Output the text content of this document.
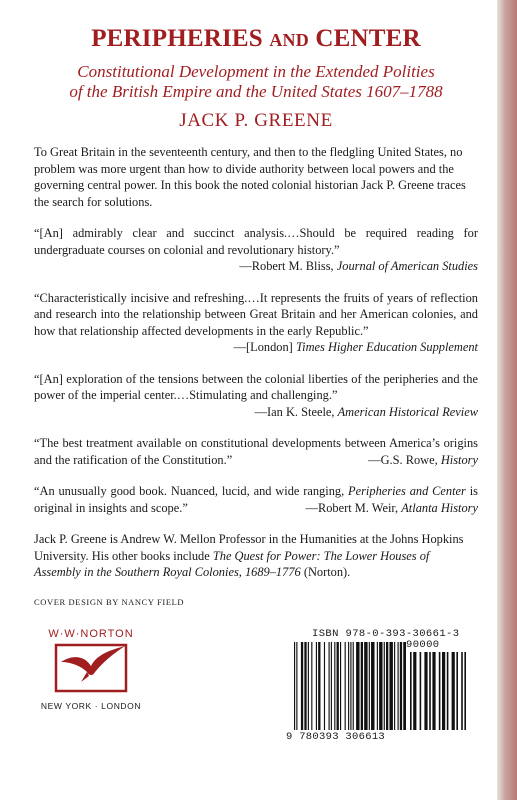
PERIPHERIES AND CENTER
Constitutional Development in the Extended Polities
of the British Empire and the United States 1607–1788
JACK P. GREENE

To Great Britain in the seventeenth century, and then to the fledgling United States, no problem was more urgent than how to divide authority between local powers and the governing central power. In this book the noted colonial historian Jack P. Greene traces the search for solutions.

“[An] admirably clear and succinct analysis.…Should be required reading for undergraduate courses on colonial and revolutionary history.”
—Robert M. Bliss, Journal of American Studies
“Characteristically incisive and refreshing.…It represents the fruits of years of reflection and research into the relationship between Great Britain and her American colonies, and how that relationship affected developments in the early Republic.”
—[London] Times Higher Education Supplement
“[An] exploration of the tensions between the colonial liberties of the peripheries and the power of the imperial center.…Stimulating and challenging.”
—Ian K. Steele, American Historical Review
“The best treatment available on constitutional developments between America’s origins and the ratification of the Constitution.”	—G.S. Rowe, History
“An unusually good book. Nuanced, lucid, and wide ranging, Peripheries and Center is original in insights and scope.”	—Robert M. Weir, Atlanta History

Jack P. Greene is Andrew W. Mellon Professor in the Humanities at the Johns Hopkins University. His other books include The Quest for Power: The Lower Houses of Assembly in the Southern Royal Colonies, 1689–1776 (Norton).

COVER DESIGN BY NANCY FIELD
W·W·NORTON
NEW YORK · LONDON
ISBN 978-0-393-30661-3
90000
9 780393 306613
